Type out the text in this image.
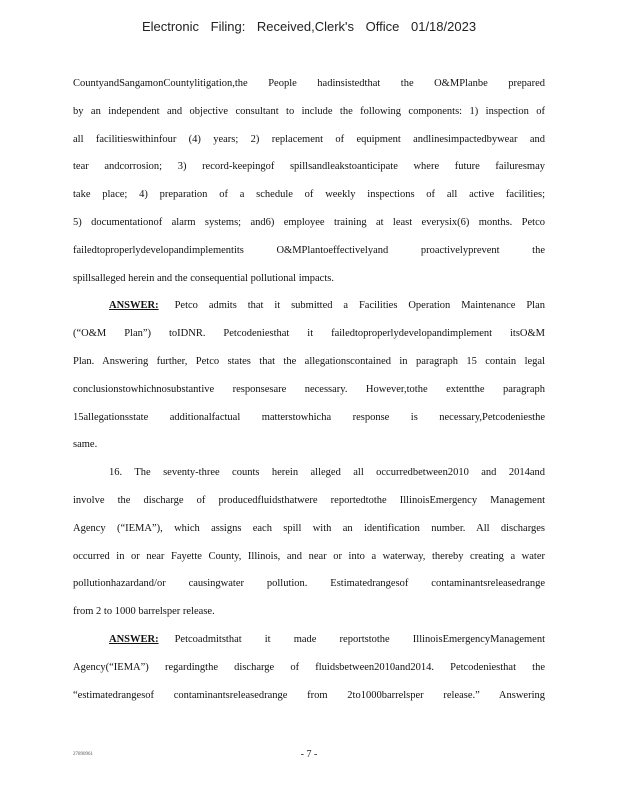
Electronic Filing: Received,Clerk's Office 01/18/2023
CountyandSangamonCountylitigation,the People hadinsistedthat the O&MPlanbe prepared
by an independent and objective consultant to include the following components: 1) inspection of
all facilitieswithinfour (4) years; 2) replacement of equipment andlinesimpactedbywear and
tear andcorrosion; 3) record-keepingof spillsandleakstoanticipate where future failuresmay
take place; 4) preparation of a schedule of weekly inspections of all active facilities;
5) documentationof alarm systems; and6) employee training at least everysix(6) months. Petco
failedtoproperlydevelopandimplementits O&MPlantoeffectivelyand proactivelyprevent the
spillsalleged herein and the consequential pollutional impacts.
ANSWER: Petco admits that it submitted a Facilities Operation Maintenance Plan
(“O&M Plan”) toIDNR. Petcodeniesthat it failedtoproperlydevelopandimplement itsO&M
Plan. Answering further, Petco states that the allegationscontained in paragraph 15 contain legal
conclusionstowhichnosubstantive responsesare necessary. However,tothe extentthe paragraph
15allegationsstate additionalfactual matterstowhicha response is necessary,Petcodeniesthe
same.
16. The seventy-three counts herein alleged all occurredbetween2010 and 2014and
involve the discharge of producedfluidsthatwere reportedtothe IllinoisEmergency Management
Agency (“IEMA”), which assigns each spill with an identification number. All discharges
occurred in or near Fayette County, Illinois, and near or into a waterway, thereby creating a water
pollutionhazardand/or causingwater pollution. Estimatedrangesof contaminantsreleasedrange
from 2 to 1000 barrelsper release.
ANSWER: Petcoadmitsthat it made reportstothe IllinoisEmergencyManagement
Agency(“IEMA”) regardingthe discharge of fluidsbetween2010and2014. Petcodeniesthat the
“estimatedrangesof contaminantsreleasedrange from 2to1000barrelsper release.” Answering
27890961	- 7 -
